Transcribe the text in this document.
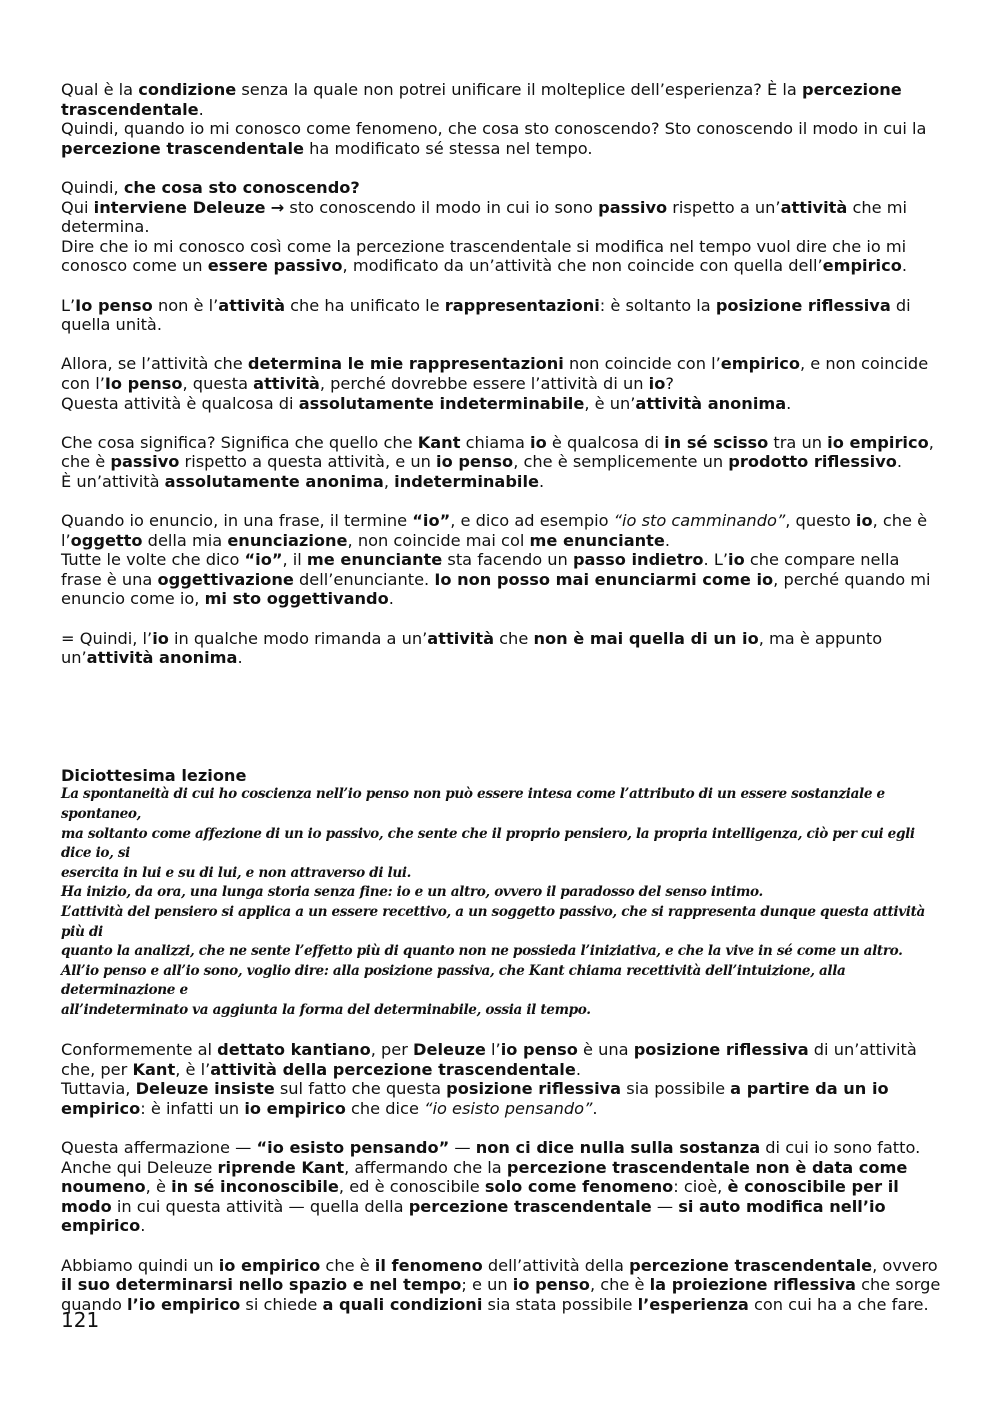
Qual è la condizione senza la quale non potrei unificare il molteplice dell’esperienza? È la percezione trascendentale.

Quindi, quando io mi conosco come fenomeno, che cosa sto conoscendo? Sto conoscendo il modo in cui la percezione trascendentale ha modificato sé stessa nel tempo.

Quindi, che cosa sto conoscendo?

Qui interviene Deleuze → sto conoscendo il modo in cui io sono passivo rispetto a un’attività che mi determina.

Dire che io mi conosco così come la percezione trascendentale si modifica nel tempo vuol dire che io mi conosco come un essere passivo, modificato da un’attività che non coincide con quella dell’empirico.

L’Io penso non è l’attività che ha unificato le rappresentazioni: è soltanto la posizione riflessiva di quella unità.

Allora, se l’attività che determina le mie rappresentazioni non coincide con l’empirico, e non coincide con l’Io penso, questa attività, perché dovrebbe essere l’attività di un io?

Questa attività è qualcosa di assolutamente indeterminabile, è un’attività anonima.

Che cosa significa? Significa che quello che Kant chiama io è qualcosa di in sé scisso tra un io empirico, che è passivo rispetto a questa attività, e un io penso, che è semplicemente un prodotto riflessivo.

È un’attività assolutamente anonima, indeterminabile.

Quando io enuncio, in una frase, il termine “io”, e dico ad esempio “io sto camminando”, questo io, che è l’oggetto della mia enunciazione, non coincide mai col me enunciante.

Tutte le volte che dico “io”, il me enunciante sta facendo un passo indietro. L’io che compare nella frase è una oggettivazione dell’enunciante. Io non posso mai enunciarmi come io, perché quando mi enuncio come io, mi sto oggettivando.

= Quindi, l’io in qualche modo rimanda a un’attività che non è mai quella di un io, ma è appunto un’attività anonima.

Diciottesima lezione

La spontaneità di cui ho coscienza nell’io penso non può essere intesa come l’attributo di un essere sostanziale e spontaneo,
ma soltanto come affezione di un io passivo, che sente che il proprio pensiero, la propria intelligenza, ciò per cui egli dice io, si
esercita in lui e su di lui, e non attraverso di lui.
Ha inizio, da ora, una lunga storia senza fine: io e un altro, ovvero il paradosso del senso intimo.
L’attività del pensiero si applica a un essere recettivo, a un soggetto passivo, che si rappresenta dunque questa attività più di
quanto la analizzi, che ne sente l’effetto più di quanto non ne possieda l’iniziativa, e che la vive in sé come un altro.
All’io penso e all’io sono, voglio dire: alla posizione passiva, che Kant chiama recettività dell’intuizione, alla determinazione e
all’indeterminato va aggiunta la forma del determinabile, ossia il tempo.

Conformemente al dettato kantiano, per Deleuze l’io penso è una posizione riflessiva di un’attività che, per Kant, è l’attività della percezione trascendentale.

Tuttavia, Deleuze insiste sul fatto che questa posizione riflessiva sia possibile a partire da un io empirico: è infatti un io empirico che dice “io esisto pensando”.

Questa affermazione — “io esisto pensando” — non ci dice nulla sulla sostanza di cui io sono fatto.

Anche qui Deleuze riprende Kant, affermando che la percezione trascendentale non è data come noumeno, è in sé inconoscibile, ed è conoscibile solo come fenomeno: cioè, è conoscibile per il modo in cui questa attività — quella della percezione trascendentale — si auto modifica nell’io empirico.

Abbiamo quindi un io empirico che è il fenomeno dell’attività della percezione trascendentale, ovvero il suo determinarsi nello spazio e nel tempo; e un io penso, che è la proiezione riflessiva che sorge quando l’io empirico si chiede a quali condizioni sia stata possibile l’esperienza con cui ha a che fare.

121
